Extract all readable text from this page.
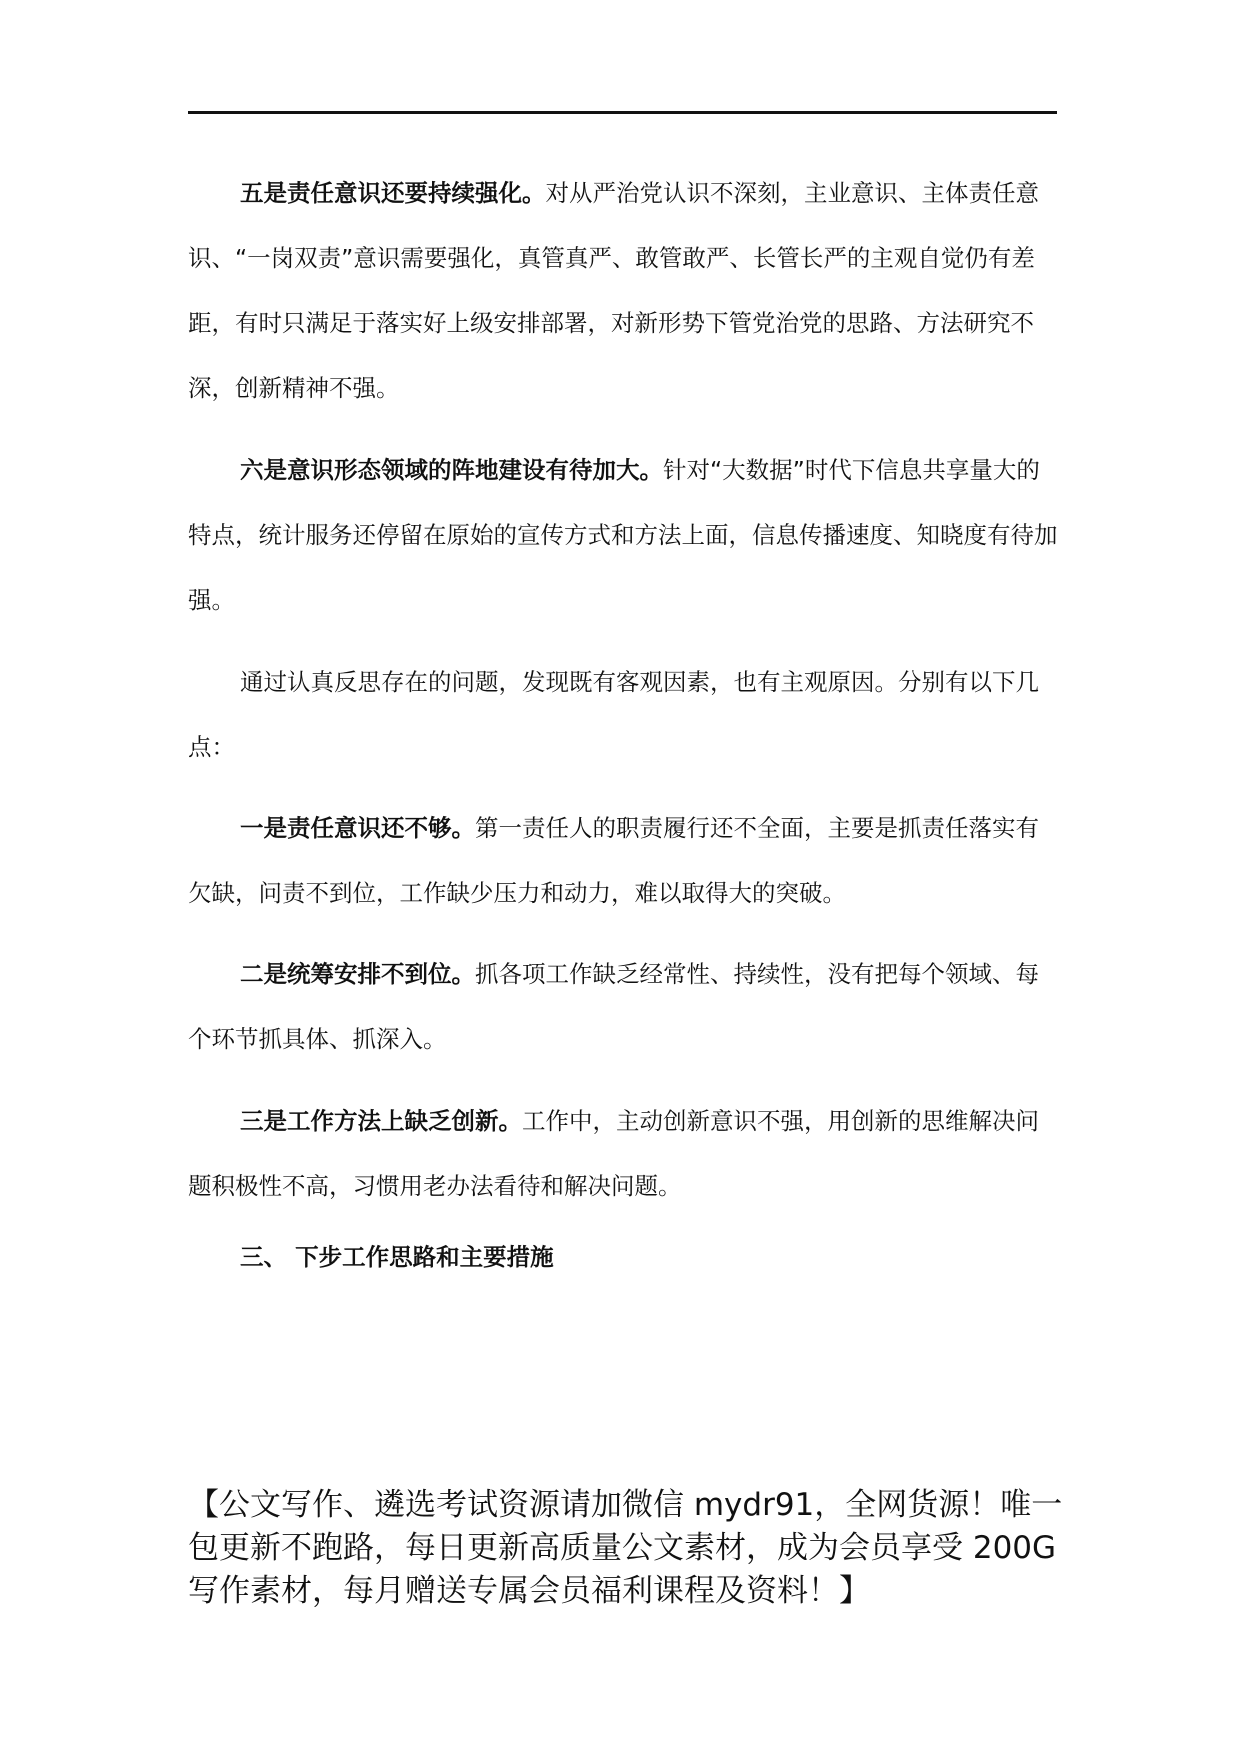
五是责任意识还要持续强化。对从严治党认识不深刻，主业意识、主体责任意识、“一岗双责”意识需要强化，真管真严、敢管敢严、长管长严的主观自觉仍有差距，有时只满足于落实好上级安排部署，对新形势下管党治党的思路、方法研究不深，创新精神不强。

六是意识形态领域的阵地建设有待加大。针对“大数据”时代下信息共享量大的特点，统计服务还停留在原始的宣传方式和方法上面，信息传播速度、知晓度有待加强。

通过认真反思存在的问题，发现既有客观因素，也有主观原因。分别有以下几点：

一是责任意识还不够。第一责任人的职责履行还不全面，主要是抓责任落实有欠缺，问责不到位，工作缺少压力和动力，难以取得大的突破。

二是统筹安排不到位。抓各项工作缺乏经常性、持续性，没有把每个领域、每个环节抓具体、抓深入。

三是工作方法上缺乏创新。工作中，主动创新意识不强，用创新的思维解决问题积极性不高，习惯用老办法看待和解决问题。

三、 下步工作思路和主要措施

【公文写作、遴选考试资源请加微信 mydr91，全网货源！唯一包更新不跑路，每日更新高质量公文素材，成为会员享受 200G 写作素材，每月赠送专属会员福利课程及资料！】
